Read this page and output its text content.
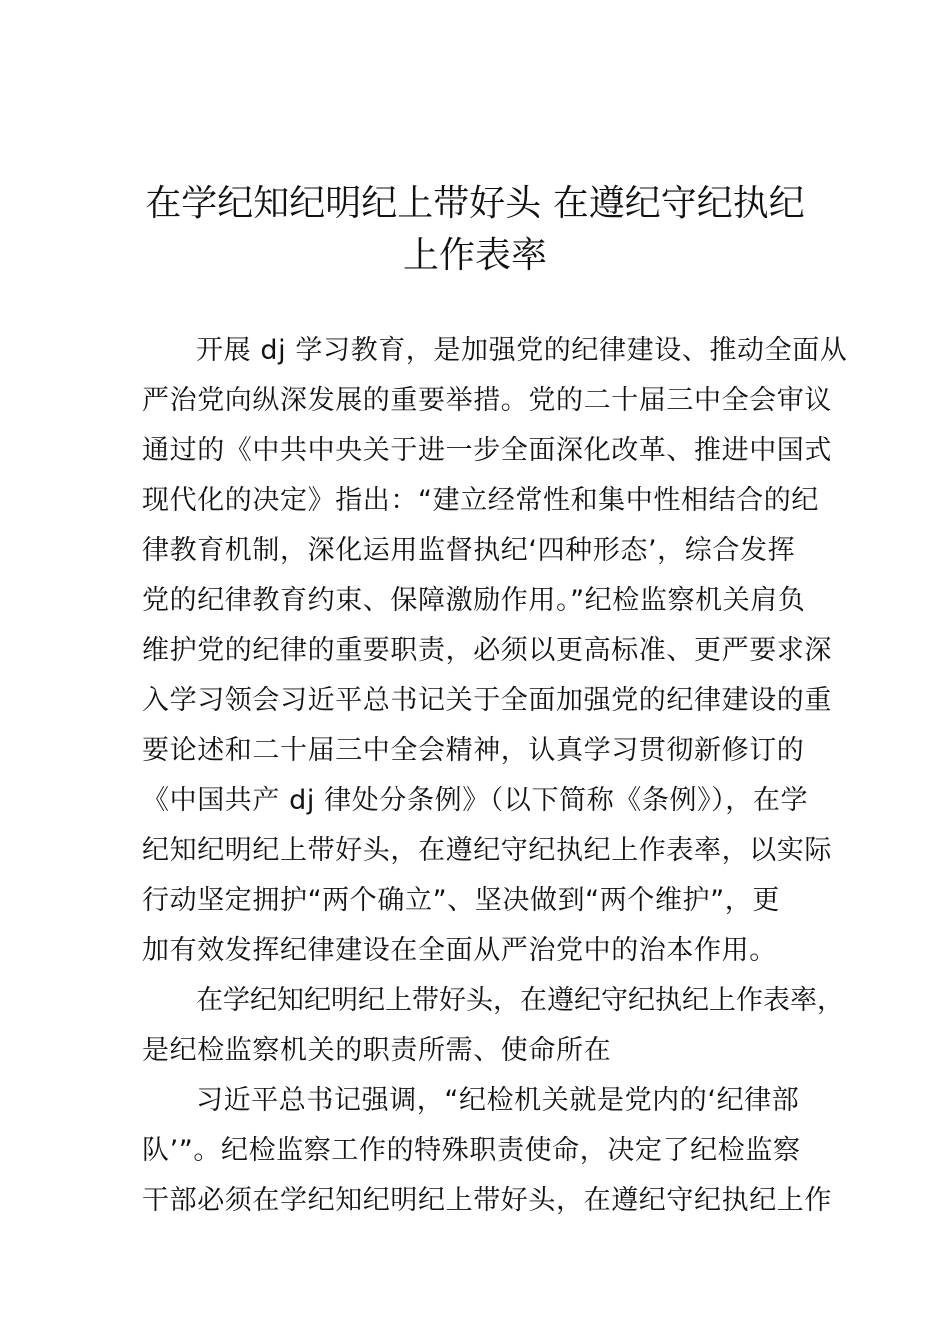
在学纪知纪明纪上带好头 在遵纪守纪执纪
上作表率
开展 dj 学习教育，是加强党的纪律建设、推动全面从
严治党向纵深发展的重要举措。党的二十届三中全会审议
通过的《中共中央关于进一步全面深化改革、推进中国式
现代化的决定》指出：“建立经常性和集中性相结合的纪
律教育机制，深化运用监督执纪‘四种形态’，综合发挥
党的纪律教育约束、保障激励作用。”纪检监察机关肩负
维护党的纪律的重要职责，必须以更高标准、更严要求深
入学习领会习近平总书记关于全面加强党的纪律建设的重
要论述和二十届三中全会精神，认真学习贯彻新修订的
《中国共产 dj 律处分条例》（以下简称《条例》），在学
纪知纪明纪上带好头，在遵纪守纪执纪上作表率，以实际
行动坚定拥护“两个确立”、坚决做到“两个维护”，更
加有效发挥纪律建设在全面从严治党中的治本作用。
在学纪知纪明纪上带好头，在遵纪守纪执纪上作表率，
是纪检监察机关的职责所需、使命所在
习近平总书记强调，“纪检机关就是党内的‘纪律部
队’”。纪检监察工作的特殊职责使命，决定了纪检监察
干部必须在学纪知纪明纪上带好头，在遵纪守纪执纪上作
